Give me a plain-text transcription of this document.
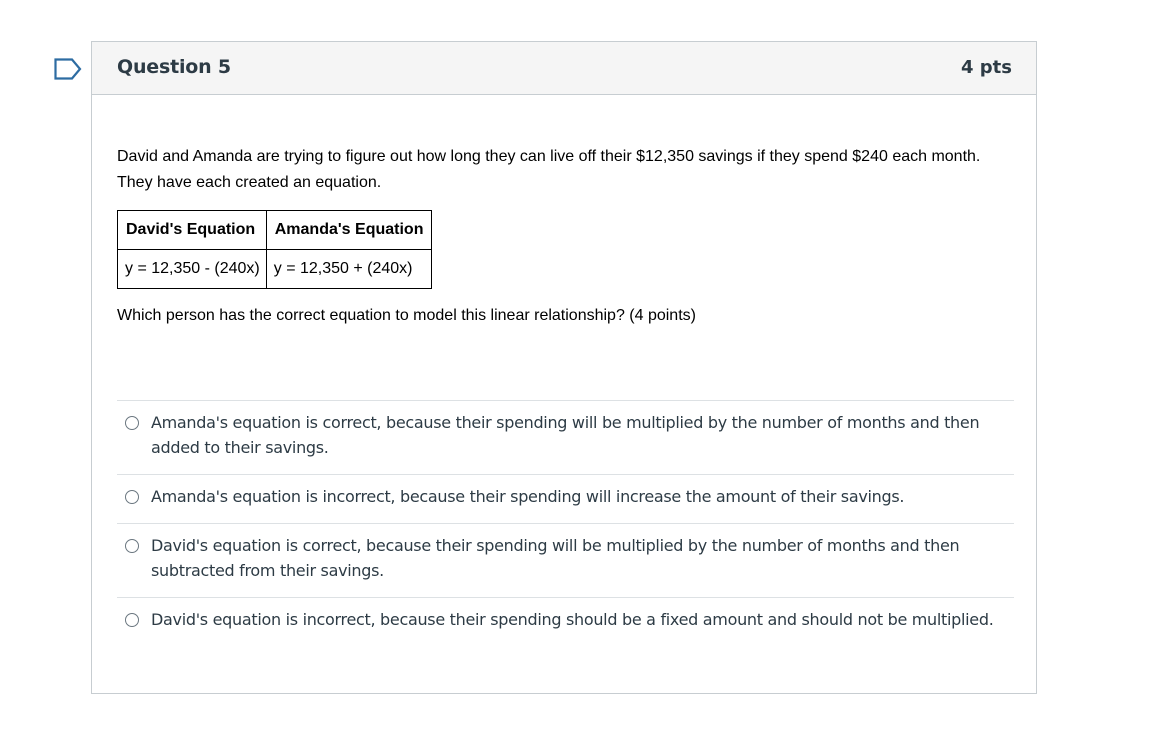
Question 5	4 pts

David and Amanda are trying to figure out how long they can live off their $12,350 savings if they spend $240 each month. They have each created an equation.

David's Equation	Amanda's Equation
y = 12,350 - (240x)	y = 12,350 + (240x)

Which person has the correct equation to model this linear relationship? (4 points)

Amanda's equation is correct, because their spending will be multiplied by the number of months and then added to their savings.
Amanda's equation is incorrect, because their spending will increase the amount of their savings.
David's equation is correct, because their spending will be multiplied by the number of months and then subtracted from their savings.
David's equation is incorrect, because their spending should be a fixed amount and should not be multiplied.
